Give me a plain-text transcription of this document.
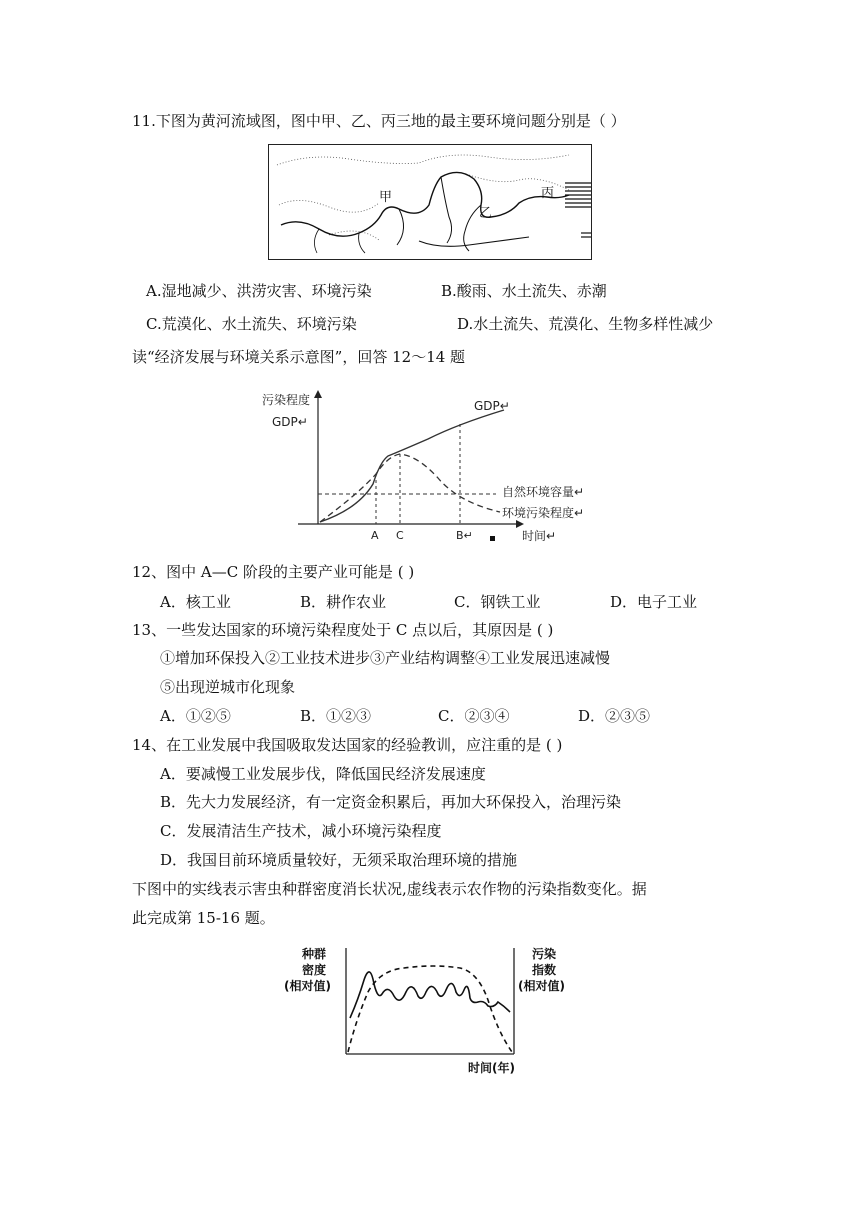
11.下图为黄河流域图，图中甲、乙、丙三地的最主要环境问题分别是（ ）
甲
乙
丙
A.湿地减少、洪涝灾害、环境污染	B.酸雨、水土流失、赤潮
C.荒漠化、水土流失、环境污染	D.水土流失、荒漠化、生物多样性减少
读“经济发展与环境关系示意图”，回答 12～14 题
污染程度
GDP↵
GDP↵
自然环境容量↵
环境污染程度↵
A C	B↵	时间↵
12、图中 A—C 阶段的主要产业可能是 ( )
A．核工业	B．耕作农业	C．钢铁工业	D．电子工业
13、一些发达国家的环境污染程度处于 C 点以后，其原因是 ( )
①增加环保投入②工业技术进步③产业结构调整④工业发展迅速减慢
⑤出现逆城市化现象
A．①②⑤	B．①②③	C．②③④	D．②③⑤
14、在工业发展中我国吸取发达国家的经验教训，应注重的是 ( )
A．要减慢工业发展步伐，降低国民经济发展速度
B．先大力发展经济，有一定资金积累后，再加大环保投入，治理污染
C．发展清洁生产技术，减小环境污染程度
D．我国目前环境质量较好，无须采取治理环境的措施
下图中的实线表示害虫种群密度消长状况,虚线表示农作物的污染指数变化。据
此完成第 15-16 题。
种群
密度
(相对值)
污染
指数
(相对值)
时间(年)
